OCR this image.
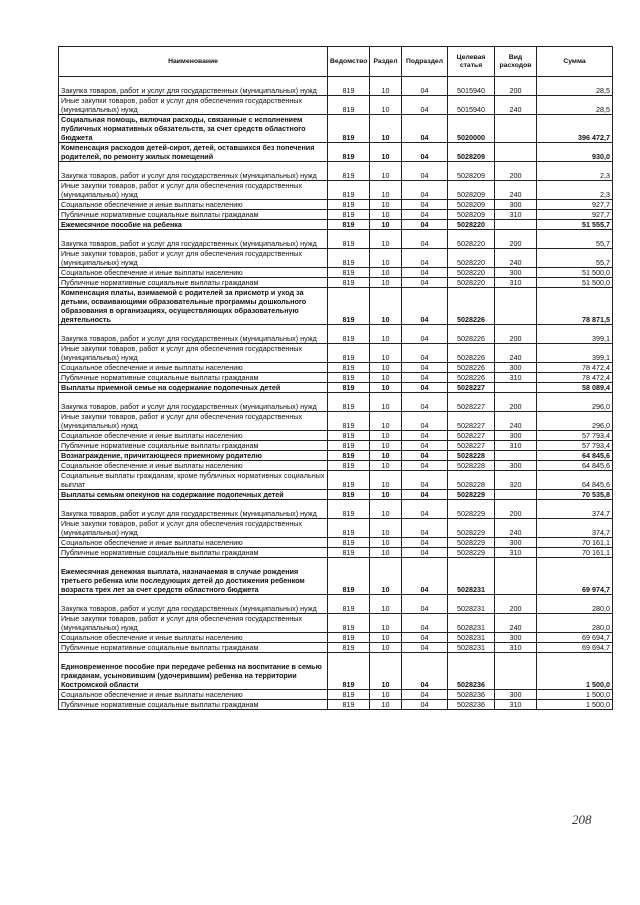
Наименование	Ведомство	Раздел	Подраздел	Целевая статья	Вид расходов	Сумма
Закупка товаров, работ и услуг для государственных (муниципальных) нужд	819	10	04	5015940	200	28,5
Иные закупки товаров, работ и услуг для обеспечения государственных (муниципальных) нужд	819	10	04	5015940	240	28,5
Социальная помощь, включая расходы, связанные с исполнением публичных нормативных обязательств, за счет средств областного бюджета	819	10	04	5020000		396 472,7
Компенсация расходов детей-сирот, детей, оставшихся без попечения родителей, по ремонту жилых помещений	819	10	04	5028209		930,0
Закупка товаров, работ и услуг для государственных (муниципальных) нужд	819	10	04	5028209	200	2,3
Иные закупки товаров, работ и услуг для обеспечения государственных (муниципальных) нужд	819	10	04	5028209	240	2,3
Социальное обеспечение и иные выплаты населению	819	10	04	5028209	300	927,7
Публичные нормативные социальные выплаты гражданам	819	10	04	5028209	310	927,7
Ежемесячное пособие на ребенка	819	10	04	5028220		51 555,7
Закупка товаров, работ и услуг для государственных (муниципальных) нужд	819	10	04	5028220	200	55,7
Иные закупки товаров, работ и услуг для обеспечения государственных (муниципальных) нужд	819	10	04	5028220	240	55,7
Социальное обеспечение и иные выплаты населению	819	10	04	5028220	300	51 500,0
Публичные нормативные социальные выплаты гражданам	819	10	04	5028220	310	51 500,0
Компенсация платы, взимаемой с родителей за присмотр и уход за детьми, осваивающими образовательные программы дошкольного образования в организациях, осуществляющих образовательную деятельность	819	10	04	5028226		78 871,5
Закупка товаров, работ и услуг для государственных (муниципальных) нужд	819	10	04	5028226	200	399,1
Иные закупки товаров, работ и услуг для обеспечения государственных (муниципальных) нужд	819	10	04	5028226	240	399,1
Социальное обеспечение и иные выплаты населению	819	10	04	5028226	300	78 472,4
Публичные нормативные социальные выплаты гражданам	819	10	04	5028226	310	78 472,4
Выплаты приемной семье на содержание подопечных детей	819	10	04	5028227		58 089,4
Закупка товаров, работ и услуг для государственных (муниципальных) нужд	819	10	04	5028227	200	296,0
Иные закупки товаров, работ и услуг для обеспечения государственных (муниципальных) нужд	819	10	04	5028227	240	296,0
Социальное обеспечение и иные выплаты населению	819	10	04	5028227	300	57 793,4
Публичные нормативные социальные выплаты гражданам	819	10	04	5028227	310	57 793,4
Вознаграждение, причитающееся приемному родителю	819	10	04	5028228		64 845,6
Социальное обеспечение и иные выплаты населению	819	10	04	5028228	300	64 845,6
Социальные выплаты гражданам, кроме публичных нормативных социальных выплат	819	10	04	5028228	320	64 845,6
Выплаты семьям опекунов на содержание подопечных детей	819	10	04	5028229		70 535,8
Закупка товаров, работ и услуг для государственных (муниципальных) нужд	819	10	04	5028229	200	374,7
Иные закупки товаров, работ и услуг для обеспечения государственных (муниципальных) нужд	819	10	04	5028229	240	374,7
Социальное обеспечение и иные выплаты населению	819	10	04	5028229	300	70 161,1
Публичные нормативные социальные выплаты гражданам	819	10	04	5028229	310	70 161,1
Ежемесячная денежная выплата, назначаемая в случае рождения третьего ребенка или последующих детей до достижения ребенком возраста трех лет за счет средств областного бюджета	819	10	04	5028231		69 974,7
Закупка товаров, работ и услуг для государственных (муниципальных) нужд	819	10	04	5028231	200	280,0
Иные закупки товаров, работ и услуг для обеспечения государственных (муниципальных) нужд	819	10	04	5028231	240	280,0
Социальное обеспечение и иные выплаты населению	819	10	04	5028231	300	69 694,7
Публичные нормативные социальные выплаты гражданам	819	10	04	5028231	310	69 694,7
Единовременное пособие при передаче ребенка на воспитание в семью гражданам, усыновившим (удочерившим) ребенка на территории Костромской области	819	10	04	5028236		1 500,0
Социальное обеспечение и иные выплаты населению	819	10	04	5028236	300	1 500,0
Публичные нормативные социальные выплаты гражданам	819	10	04	5028236	310	1 500,0
208
